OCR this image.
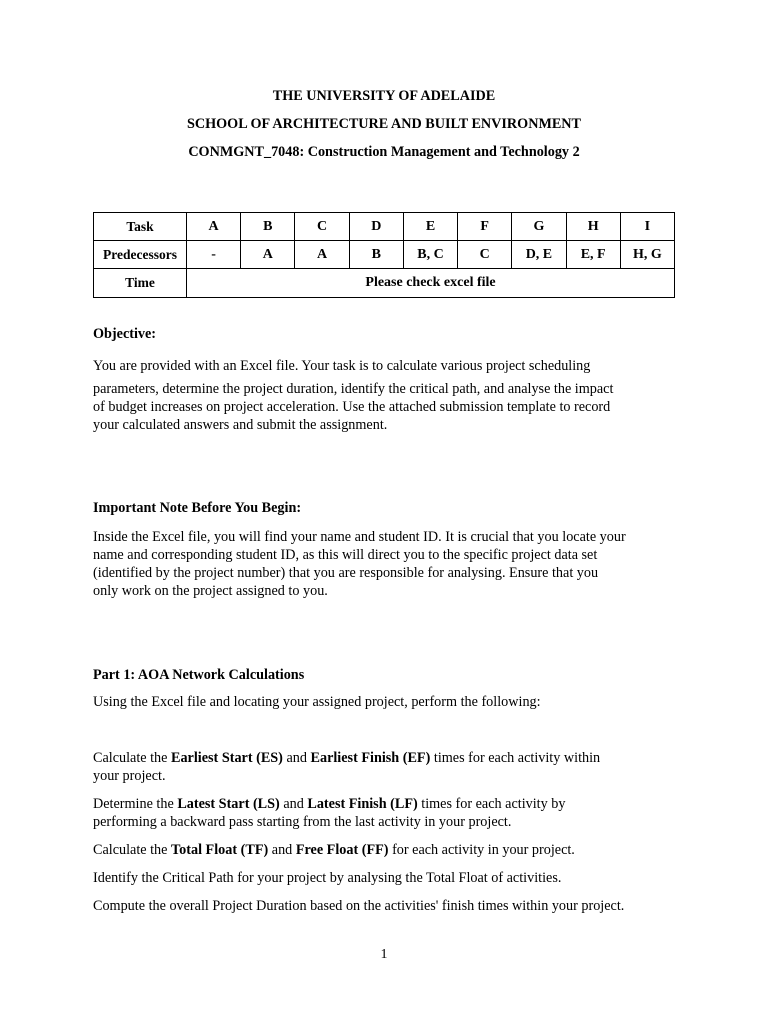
THE UNIVERSITY OF ADELAIDE
SCHOOL OF ARCHITECTURE AND BUILT ENVIRONMENT
CONMGNT_7048: Construction Management and Technology 2
Task	A	B	C	D	E	F	G	H	I
Predecessors	-	A	A	B	B, C	C	D, E	E, F	H, G
Time	Please check excel file								
Objective:
You are provided with an Excel file. Your task is to calculate various project scheduling
parameters, determine the project duration, identify the critical path, and analyse the impact
of budget increases on project acceleration. Use the attached submission template to record
your calculated answers and submit the assignment.
Important Note Before You Begin:
Inside the Excel file, you will find your name and student ID. It is crucial that you locate your
name and corresponding student ID, as this will direct you to the specific project data set
(identified by the project number) that you are responsible for analysing. Ensure that you
only work on the project assigned to you.
Part 1: AOA Network Calculations
Using the Excel file and locating your assigned project, perform the following:
Calculate the Earliest Start (ES) and Earliest Finish (EF) times for each activity within
your project.
Determine the Latest Start (LS) and Latest Finish (LF) times for each activity by
performing a backward pass starting from the last activity in your project.
Calculate the Total Float (TF) and Free Float (FF) for each activity in your project.
Identify the Critical Path for your project by analysing the Total Float of activities.
Compute the overall Project Duration based on the activities' finish times within your project.
1
